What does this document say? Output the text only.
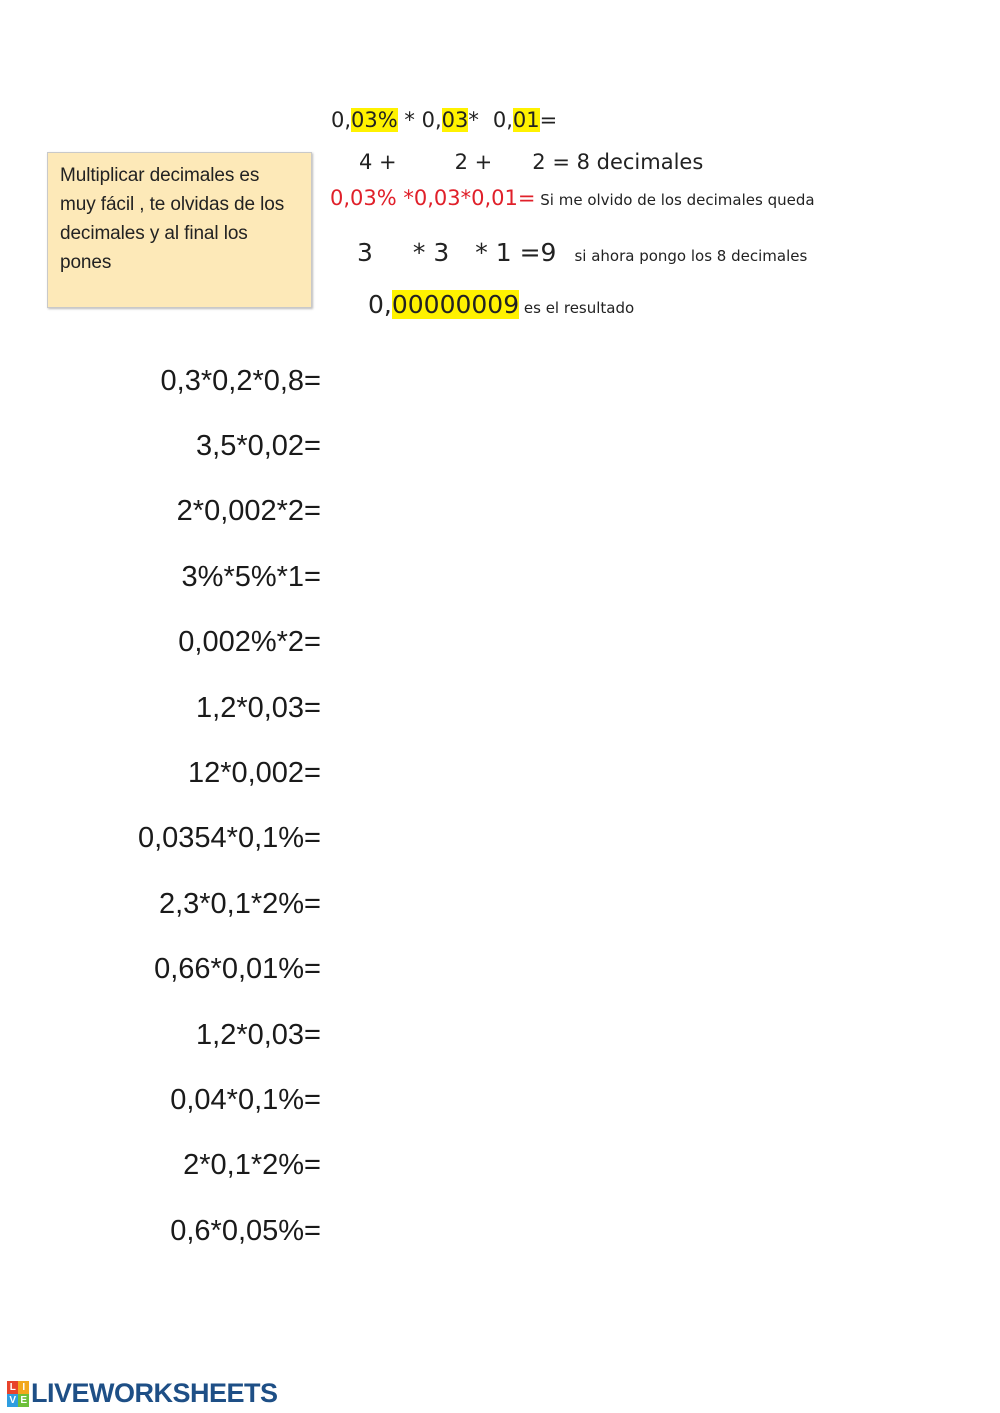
Multiplicar decimales es muy fácil , te olvidas de los decimales y al final los pones
0,03% * 0,03* 0,01=
4 +	2 + 2 = 8 decimales
0,03% *0,03*0,01= Si me olvido de los decimales queda
3 * 3 * 1 =9 si ahora pongo los 8 decimales
0,00000009 es el resultado
0,3*0,2*0,8=
3,5*0,02=
2*0,002*2=
3%*5%*1=
0,002%*2=
1,2*0,03=
12*0,002=
0,0354*0,1%=
2,3*0,1*2%=
0,66*0,01%=
1,2*0,03=
0,04*0,1%=
2*0,1*2%=
0,6*0,05%=
L I
V E LIVEWORKSHEETS
